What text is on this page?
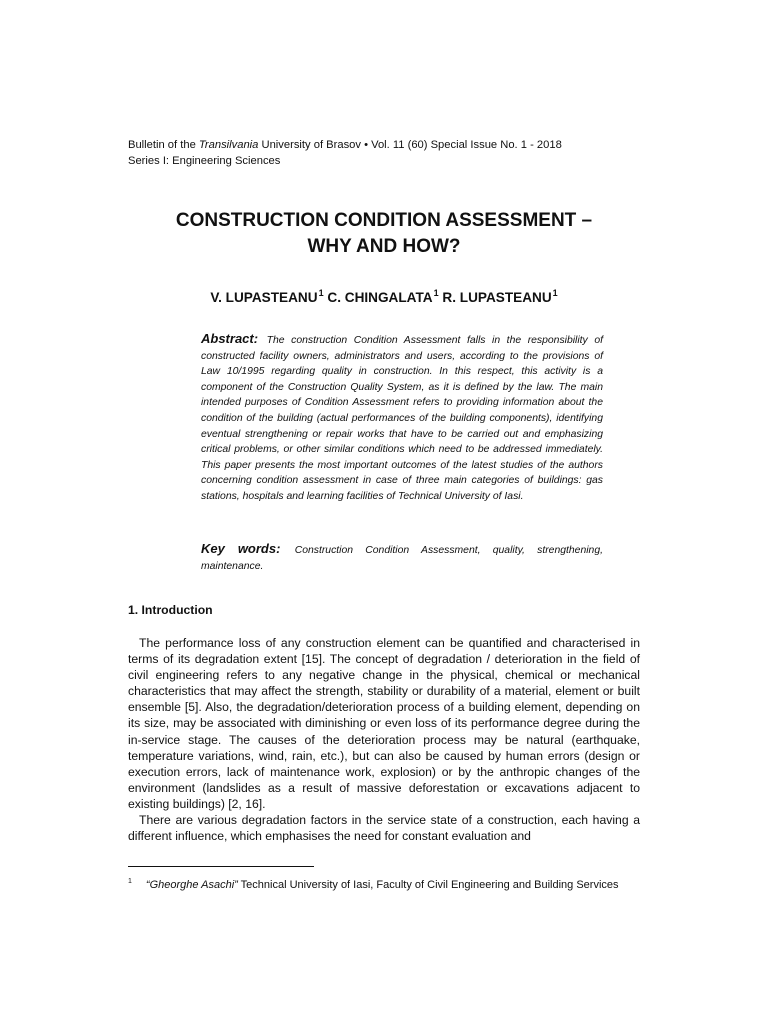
Bulletin of the Transilvania University of Brasov • Vol. 11 (60) Special Issue No. 1 - 2018
Series I: Engineering Sciences
CONSTRUCTION CONDITION ASSESSMENT –
WHY AND HOW?
V. LUPASTEANU$^1$ C. CHINGALATA$^1$ R. LUPASTEANU$^1$
Abstract: The construction Condition Assessment falls in the responsibility of constructed facility owners, administrators and users, according to the provisions of Law 10/1995 regarding quality in construction. In this respect, this activity is a component of the Construction Quality System, as it is defined by the law. The main intended purposes of Condition Assessment refers to providing information about the condition of the building (actual performances of the building components), identifying eventual strengthening or repair works that have to be carried out and emphasizing critical problems, or other similar conditions which need to be addressed immediately. This paper presents the most important outcomes of the latest studies of the authors concerning condition assessment in case of three main categories of buildings: gas stations, hospitals and learning facilities of Technical University of Iasi.
Key words: Construction Condition Assessment, quality, strengthening, maintenance.
1. Introduction

The performance loss of any construction element can be quantified and characterised in terms of its degradation extent [15]. The concept of degradation / deterioration in the field of civil engineering refers to any negative change in the physical, chemical or mechanical characteristics that may affect the strength, stability or durability of a material, element or built ensemble [5]. Also, the degradation/deterioration process of a building element, depending on its size, may be associated with diminishing or even loss of its performance degree during the in-service stage. The causes of the deterioration process may be natural (earthquake, temperature variations, wind, rain, etc.), but can also be caused by human errors (design or execution errors, lack of maintenance work, explosion) or by the anthropic changes of the environment (landslides as a result of massive deforestation or excavations adjacent to existing buildings) [2, 16].

There are various degradation factors in the service state of a construction, each having a different influence, which emphasises the need for constant evaluation and

$^1$ “Gheorghe Asachi” Technical University of Iasi, Faculty of Civil Engineering and Building Services
